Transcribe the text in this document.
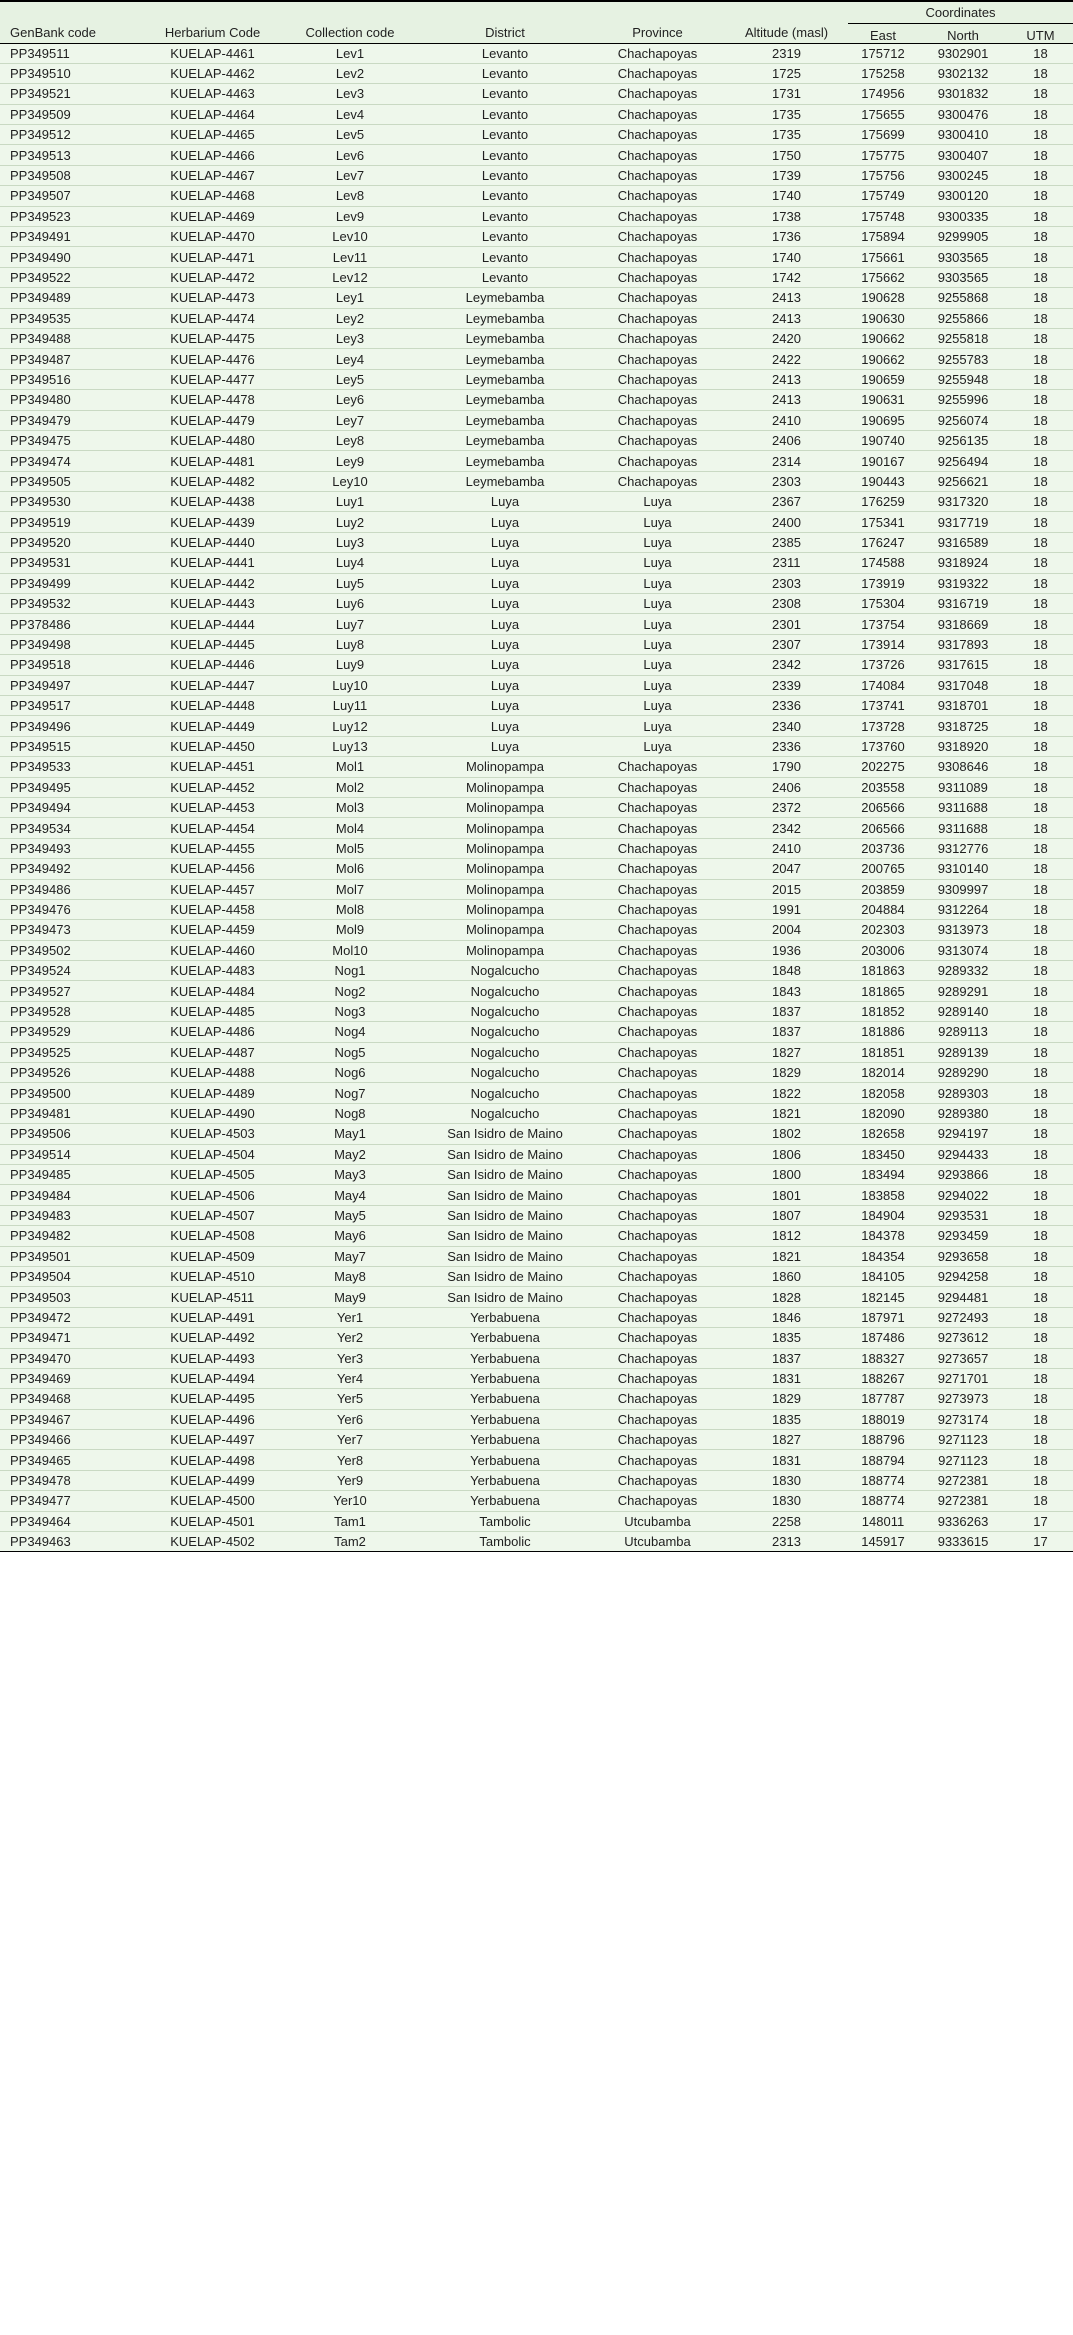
GenBank code	Herbarium Code	Collection code	District	Province	Altitude (masl)	Coordinates		
						East	North	UTM
PP349511	KUELAP-4461	Lev1	Levanto	Chachapoyas	2319	175712	9302901	18
PP349510	KUELAP-4462	Lev2	Levanto	Chachapoyas	1725	175258	9302132	18
PP349521	KUELAP-4463	Lev3	Levanto	Chachapoyas	1731	174956	9301832	18
PP349509	KUELAP-4464	Lev4	Levanto	Chachapoyas	1735	175655	9300476	18
PP349512	KUELAP-4465	Lev5	Levanto	Chachapoyas	1735	175699	9300410	18
PP349513	KUELAP-4466	Lev6	Levanto	Chachapoyas	1750	175775	9300407	18
PP349508	KUELAP-4467	Lev7	Levanto	Chachapoyas	1739	175756	9300245	18
PP349507	KUELAP-4468	Lev8	Levanto	Chachapoyas	1740	175749	9300120	18
PP349523	KUELAP-4469	Lev9	Levanto	Chachapoyas	1738	175748	9300335	18
PP349491	KUELAP-4470	Lev10	Levanto	Chachapoyas	1736	175894	9299905	18
PP349490	KUELAP-4471	Lev11	Levanto	Chachapoyas	1740	175661	9303565	18
PP349522	KUELAP-4472	Lev12	Levanto	Chachapoyas	1742	175662	9303565	18
PP349489	KUELAP-4473	Ley1	Leymebamba	Chachapoyas	2413	190628	9255868	18
PP349535	KUELAP-4474	Ley2	Leymebamba	Chachapoyas	2413	190630	9255866	18
PP349488	KUELAP-4475	Ley3	Leymebamba	Chachapoyas	2420	190662	9255818	18
PP349487	KUELAP-4476	Ley4	Leymebamba	Chachapoyas	2422	190662	9255783	18
PP349516	KUELAP-4477	Ley5	Leymebamba	Chachapoyas	2413	190659	9255948	18
PP349480	KUELAP-4478	Ley6	Leymebamba	Chachapoyas	2413	190631	9255996	18
PP349479	KUELAP-4479	Ley7	Leymebamba	Chachapoyas	2410	190695	9256074	18
PP349475	KUELAP-4480	Ley8	Leymebamba	Chachapoyas	2406	190740	9256135	18
PP349474	KUELAP-4481	Ley9	Leymebamba	Chachapoyas	2314	190167	9256494	18
PP349505	KUELAP-4482	Ley10	Leymebamba	Chachapoyas	2303	190443	9256621	18
PP349530	KUELAP-4438	Luy1	Luya	Luya	2367	176259	9317320	18
PP349519	KUELAP-4439	Luy2	Luya	Luya	2400	175341	9317719	18
PP349520	KUELAP-4440	Luy3	Luya	Luya	2385	176247	9316589	18
PP349531	KUELAP-4441	Luy4	Luya	Luya	2311	174588	9318924	18
PP349499	KUELAP-4442	Luy5	Luya	Luya	2303	173919	9319322	18
PP349532	KUELAP-4443	Luy6	Luya	Luya	2308	175304	9316719	18
PP378486	KUELAP-4444	Luy7	Luya	Luya	2301	173754	9318669	18
PP349498	KUELAP-4445	Luy8	Luya	Luya	2307	173914	9317893	18
PP349518	KUELAP-4446	Luy9	Luya	Luya	2342	173726	9317615	18
PP349497	KUELAP-4447	Luy10	Luya	Luya	2339	174084	9317048	18
PP349517	KUELAP-4448	Luy11	Luya	Luya	2336	173741	9318701	18
PP349496	KUELAP-4449	Luy12	Luya	Luya	2340	173728	9318725	18
PP349515	KUELAP-4450	Luy13	Luya	Luya	2336	173760	9318920	18
PP349533	KUELAP-4451	Mol1	Molinopampa	Chachapoyas	1790	202275	9308646	18
PP349495	KUELAP-4452	Mol2	Molinopampa	Chachapoyas	2406	203558	9311089	18
PP349494	KUELAP-4453	Mol3	Molinopampa	Chachapoyas	2372	206566	9311688	18
PP349534	KUELAP-4454	Mol4	Molinopampa	Chachapoyas	2342	206566	9311688	18
PP349493	KUELAP-4455	Mol5	Molinopampa	Chachapoyas	2410	203736	9312776	18
PP349492	KUELAP-4456	Mol6	Molinopampa	Chachapoyas	2047	200765	9310140	18
PP349486	KUELAP-4457	Mol7	Molinopampa	Chachapoyas	2015	203859	9309997	18
PP349476	KUELAP-4458	Mol8	Molinopampa	Chachapoyas	1991	204884	9312264	18
PP349473	KUELAP-4459	Mol9	Molinopampa	Chachapoyas	2004	202303	9313973	18
PP349502	KUELAP-4460	Mol10	Molinopampa	Chachapoyas	1936	203006	9313074	18
PP349524	KUELAP-4483	Nog1	Nogalcucho	Chachapoyas	1848	181863	9289332	18
PP349527	KUELAP-4484	Nog2	Nogalcucho	Chachapoyas	1843	181865	9289291	18
PP349528	KUELAP-4485	Nog3	Nogalcucho	Chachapoyas	1837	181852	9289140	18
PP349529	KUELAP-4486	Nog4	Nogalcucho	Chachapoyas	1837	181886	9289113	18
PP349525	KUELAP-4487	Nog5	Nogalcucho	Chachapoyas	1827	181851	9289139	18
PP349526	KUELAP-4488	Nog6	Nogalcucho	Chachapoyas	1829	182014	9289290	18
PP349500	KUELAP-4489	Nog7	Nogalcucho	Chachapoyas	1822	182058	9289303	18
PP349481	KUELAP-4490	Nog8	Nogalcucho	Chachapoyas	1821	182090	9289380	18
PP349506	KUELAP-4503	May1	San Isidro de Maino	Chachapoyas	1802	182658	9294197	18
PP349514	KUELAP-4504	May2	San Isidro de Maino	Chachapoyas	1806	183450	9294433	18
PP349485	KUELAP-4505	May3	San Isidro de Maino	Chachapoyas	1800	183494	9293866	18
PP349484	KUELAP-4506	May4	San Isidro de Maino	Chachapoyas	1801	183858	9294022	18
PP349483	KUELAP-4507	May5	San Isidro de Maino	Chachapoyas	1807	184904	9293531	18
PP349482	KUELAP-4508	May6	San Isidro de Maino	Chachapoyas	1812	184378	9293459	18
PP349501	KUELAP-4509	May7	San Isidro de Maino	Chachapoyas	1821	184354	9293658	18
PP349504	KUELAP-4510	May8	San Isidro de Maino	Chachapoyas	1860	184105	9294258	18
PP349503	KUELAP-4511	May9	San Isidro de Maino	Chachapoyas	1828	182145	9294481	18
PP349472	KUELAP-4491	Yer1	Yerbabuena	Chachapoyas	1846	187971	9272493	18
PP349471	KUELAP-4492	Yer2	Yerbabuena	Chachapoyas	1835	187486	9273612	18
PP349470	KUELAP-4493	Yer3	Yerbabuena	Chachapoyas	1837	188327	9273657	18
PP349469	KUELAP-4494	Yer4	Yerbabuena	Chachapoyas	1831	188267	9271701	18
PP349468	KUELAP-4495	Yer5	Yerbabuena	Chachapoyas	1829	187787	9273973	18
PP349467	KUELAP-4496	Yer6	Yerbabuena	Chachapoyas	1835	188019	9273174	18
PP349466	KUELAP-4497	Yer7	Yerbabuena	Chachapoyas	1827	188796	9271123	18
PP349465	KUELAP-4498	Yer8	Yerbabuena	Chachapoyas	1831	188794	9271123	18
PP349478	KUELAP-4499	Yer9	Yerbabuena	Chachapoyas	1830	188774	9272381	18
PP349477	KUELAP-4500	Yer10	Yerbabuena	Chachapoyas	1830	188774	9272381	18
PP349464	KUELAP-4501	Tam1	Tambolic	Utcubamba	2258	148011	9336263	17
PP349463	KUELAP-4502	Tam2	Tambolic	Utcubamba	2313	145917	9333615	17
